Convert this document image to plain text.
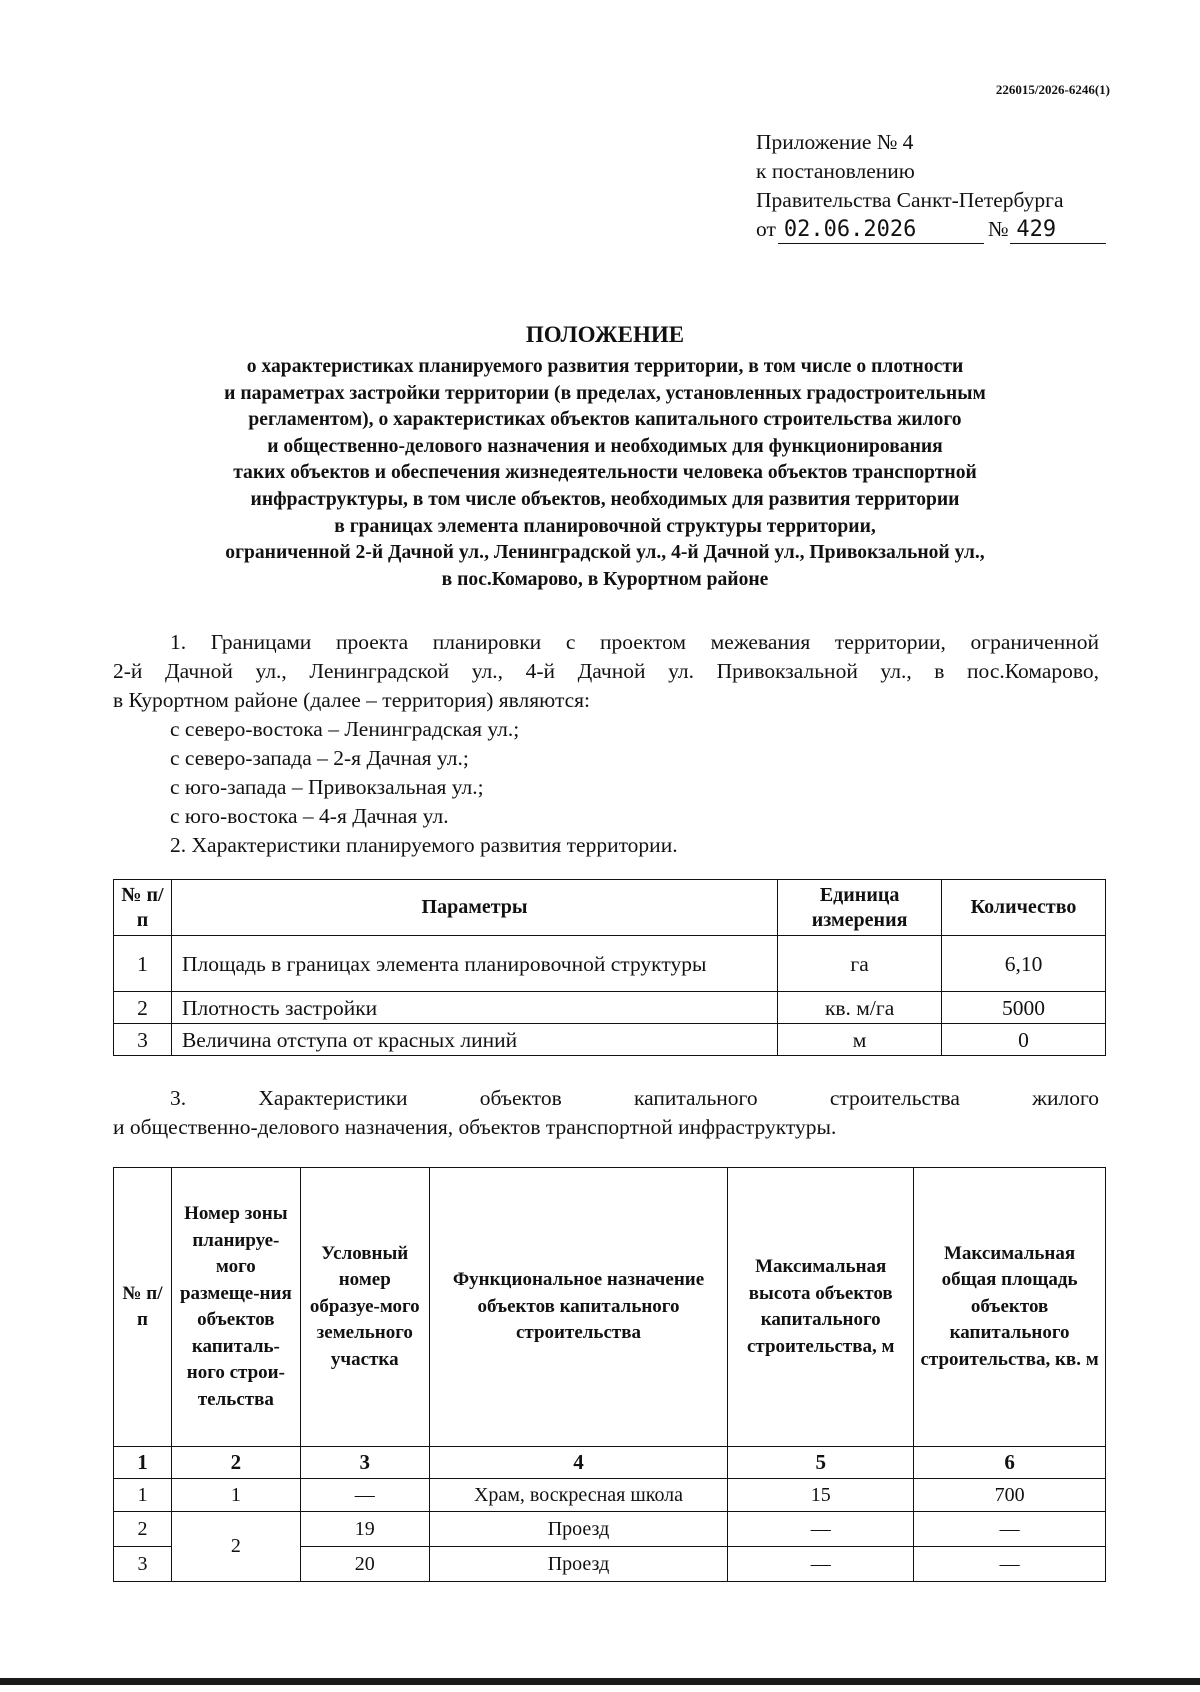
226015/2026-6246(1)
Приложение № 4
к постановлению
Правительства Санкт-Петербурга
от 02.06.2026	№ 429
ПОЛОЖЕНИЕ
о характеристиках планируемого развития территории, в том числе о плотности
и параметрах застройки территории (в пределах, установленных градостроительным
регламентом), о характеристиках объектов капитального строительства жилого
и общественно-делового назначения и необходимых для функционирования
таких объектов и обеспечения жизнедеятельности человека объектов транспортной
инфраструктуры, в том числе объектов, необходимых для развития территории
в границах элемента планировочной структуры территории,
ограниченной 2-й Дачной ул., Ленинградской ул., 4-й Дачной ул., Привокзальной ул.,
в пос.Комарово, в Курортном районе
1. Границами проекта планировки с проектом межевания территории, ограниченной
2-й Дачной ул., Ленинградской ул., 4-й Дачной ул. Привокзальной ул., в пос.Комарово,
в Курортном районе (далее – территория) являются:
с северо-востока – Ленинградская ул.;
с северо-запада – 2-я Дачная ул.;
с юго-запада – Привокзальная ул.;
с юго-востока – 4-я Дачная ул.
2. Характеристики планируемого развития территории.
№ п/п	Параметры	Единица измерения	Количество
1	Площадь в границах элемента планировочной структуры	га	6,10
2	Плотность застройки	кв. м/га	5000
3	Величина отступа от красных линий	м	0
3. Характеристики объектов капитального строительства жилого
и общественно-делового назначения, объектов транспортной инфраструктуры.
№ п/п	Номер зоны планируе-мого размеще-ния объектов капиталь-ного строи-тельства	Условный номер образуе-мого земельного участка	Функциональное назначение объектов капитального строительства	Максимальная высота объектов капитального строительства, м	Максимальная общая площадь объектов капитального строительства, кв. м
1	2	3	4	5	6
1	1	—	Храм, воскресная школа	15	700
2	2	19	Проезд	—	—
3		20	Проезд	—	—
